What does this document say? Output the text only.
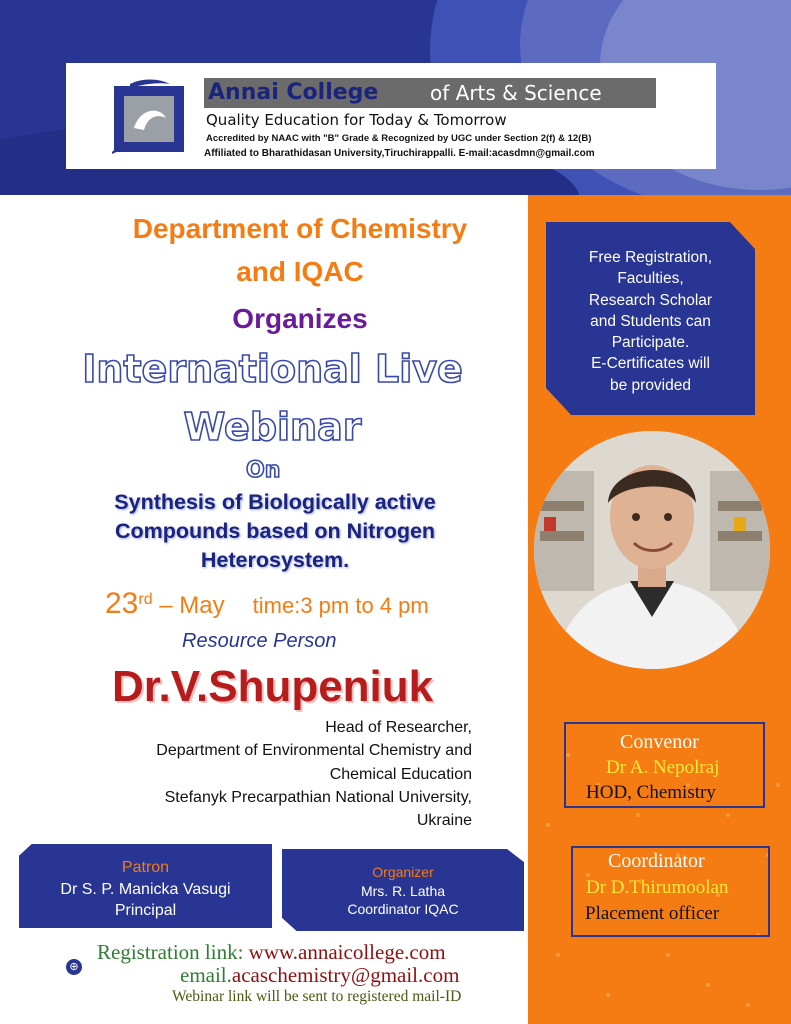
Annai College	of Arts & Science
Quality Education for Today & Tomorrow
Accredited by NAAC with "B" Grade & Recognized by UGC under Section 2(f) & 12(B)
Affiliated to Bharathidasan University,Tiruchirappalli. E-mail:acasdmn@gmail.com
Free Registration,
Faculties,
Research Scholar
and Students can
Participate.
E-Certificates will
be provided
Convenor
Dr A. Nepolraj
HOD, Chemistry
Coordinator
Dr D.Thirumoolan
Placement officer
Department of Chemistry
and IQAC
Organizes
International Live
Webinar
On
Synthesis of Biologically active
Compounds based on Nitrogen
Heterosystem.
23rd – May time:3 pm to 4 pm
Resource Person
Dr.V.Shupeniuk
Head of Researcher,
Department of Environmental Chemistry and
Chemical Education
Stefanyk Precarpathian National University,
Ukraine
Patron
Dr S. P. Manicka Vasugi
Principal
Organizer
Mrs. R. Latha
Coordinator IQAC
⊕
Registration link: www.annaicollege.com
email.acaschemistry@gmail.com
Webinar link will be sent to registered mail-ID
